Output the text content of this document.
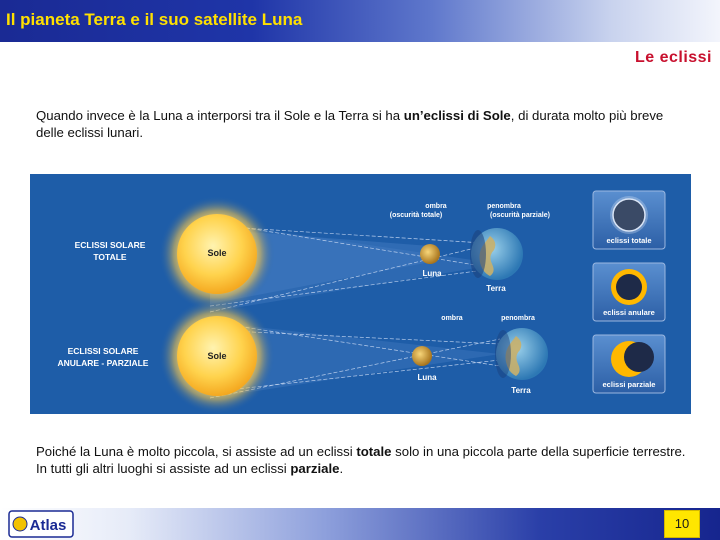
Il pianeta Terra e il suo satellite Luna
Le eclissi
Quando invece è la Luna a interporsi tra il Sole e la Terra si ha un’eclissi di Sole, di durata molto più breve delle eclissi lunari.
Sole
Luna
Terra
ombra
(oscurità totale)
penombra
(oscurità parziale)
ECLISSI SOLARE
TOTALE
Sole
Luna
Terra
ombra	penombra
ECLISSI SOLARE
ANULARE - PARZIALE
eclissi totale
eclissi anulare
eclissi parziale
Poiché la Luna è molto piccola, si assiste ad un eclissi totale solo in una piccola parte della superficie terrestre. In tutti gli altri luoghi si assiste ad un eclissi parziale.
Atlas	10
